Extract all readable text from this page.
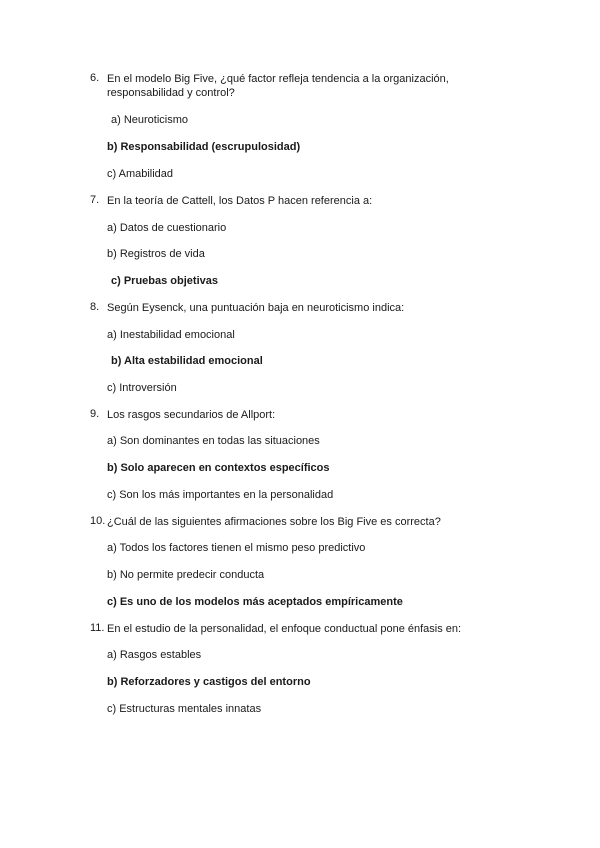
6. En el modelo Big Five, ¿qué factor refleja tendencia a la organización, responsabilidad y control?
a) Neuroticismo
b) Responsabilidad (escrupulosidad)
c) Amabilidad
7. En la teoría de Cattell, los Datos P hacen referencia a:
a) Datos de cuestionario
b) Registros de vida
c) Pruebas objetivas
8. Según Eysenck, una puntuación baja en neuroticismo indica:
a) Inestabilidad emocional
b) Alta estabilidad emocional
c) Introversión
9. Los rasgos secundarios de Allport:
a) Son dominantes en todas las situaciones
b) Solo aparecen en contextos específicos
c) Son los más importantes en la personalidad
10. ¿Cuál de las siguientes afirmaciones sobre los Big Five es correcta?
a) Todos los factores tienen el mismo peso predictivo
b) No permite predecir conducta
c) Es uno de los modelos más aceptados empíricamente
11. En el estudio de la personalidad, el enfoque conductual pone énfasis en:
a) Rasgos estables
b) Reforzadores y castigos del entorno
c) Estructuras mentales innatas
